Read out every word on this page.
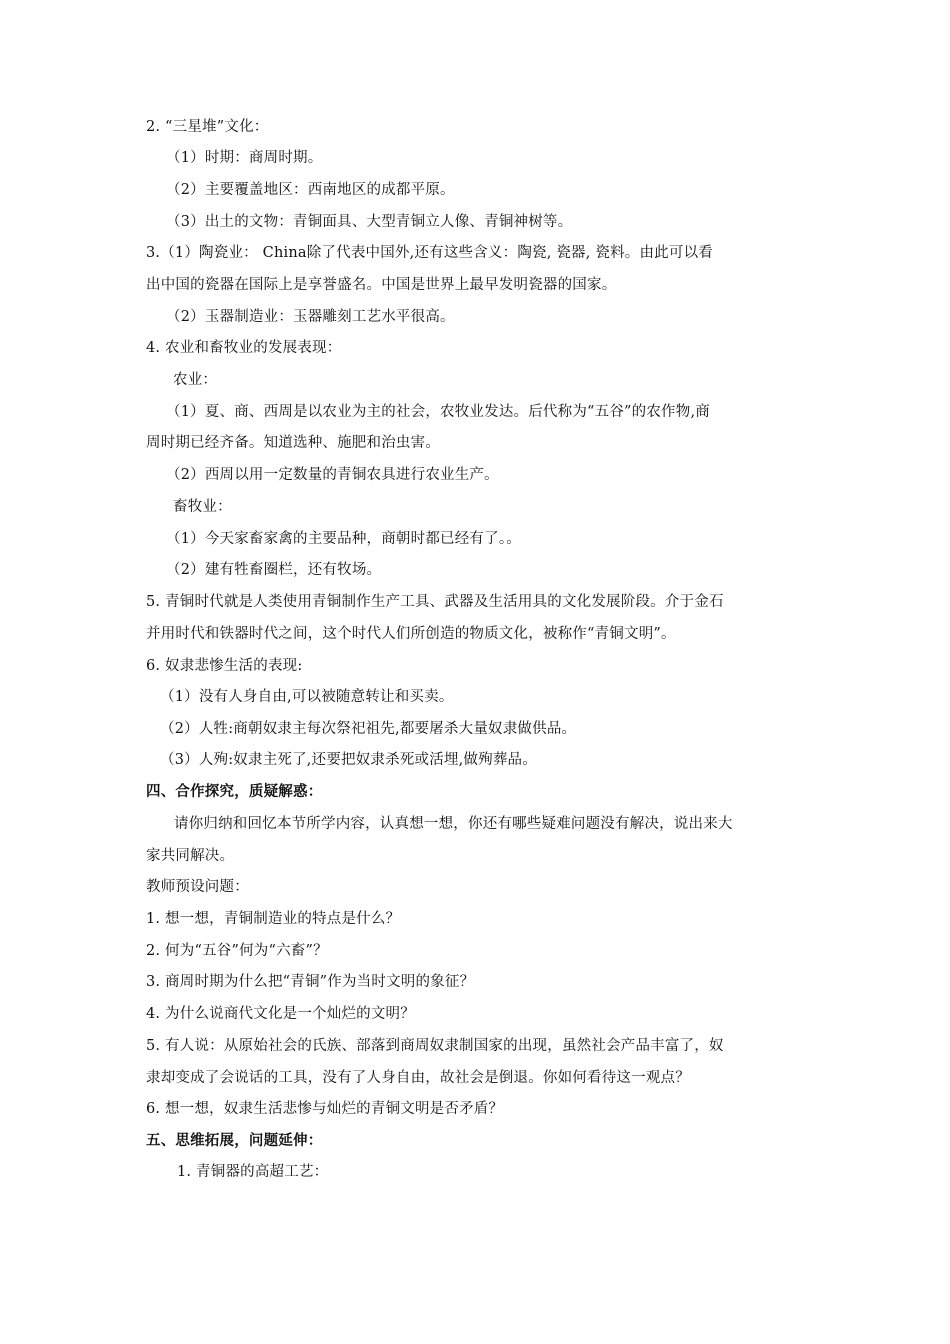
2. “三星堆”文化：
（1）时期：商周时期。
（2）主要覆盖地区：西南地区的成都平原。
（3）出土的文物：青铜面具、大型青铜立人像、青铜神树等。
3.（1）陶瓷业： China除了代表中国外,还有这些含义：陶瓷, 瓷器, 瓷料。由此可以看
出中国的瓷器在国际上是享誉盛名。中国是世界上最早发明瓷器的国家。
（2）玉器制造业：玉器雕刻工艺水平很高。
4. 农业和畜牧业的发展表现：
农业：
（1）夏、商、西周是以农业为主的社会，农牧业发达。后代称为“五谷”的农作物,商
周时期已经齐备。知道选种、施肥和治虫害。
（2）西周以用一定数量的青铜农具进行农业生产。
畜牧业：
（1）今天家畜家禽的主要品种，商朝时都已经有了。。
（2）建有牲畜圈栏，还有牧场。
5. 青铜时代就是人类使用青铜制作生产工具、武器及生活用具的文化发展阶段。介于金石
并用时代和铁器时代之间，这个时代人们所创造的物质文化，被称作“青铜文明”。
6. 奴隶悲惨生活的表现:
（1）没有人身自由,可以被随意转让和买卖。
（2）人牲:商朝奴隶主每次祭祀祖先,都要屠杀大量奴隶做供品。
（3）人殉:奴隶主死了,还要把奴隶杀死或活埋,做殉葬品。
四、合作探究，质疑解惑：
请你归纳和回忆本节所学内容，认真想一想，你还有哪些疑难问题没有解决，说出来大
家共同解决。
教师预设问题：
1. 想一想，青铜制造业的特点是什么？
2. 何为“五谷”何为“六畜”？
3. 商周时期为什么把“青铜”作为当时文明的象征？
4. 为什么说商代文化是一个灿烂的文明？
5. 有人说：从原始社会的氏族、部落到商周奴隶制国家的出现，虽然社会产品丰富了，奴
隶却变成了会说话的工具，没有了人身自由，故社会是倒退。你如何看待这一观点？
6. 想一想，奴隶生活悲惨与灿烂的青铜文明是否矛盾？
五、思维拓展，问题延伸：
1. 青铜器的高超工艺：
